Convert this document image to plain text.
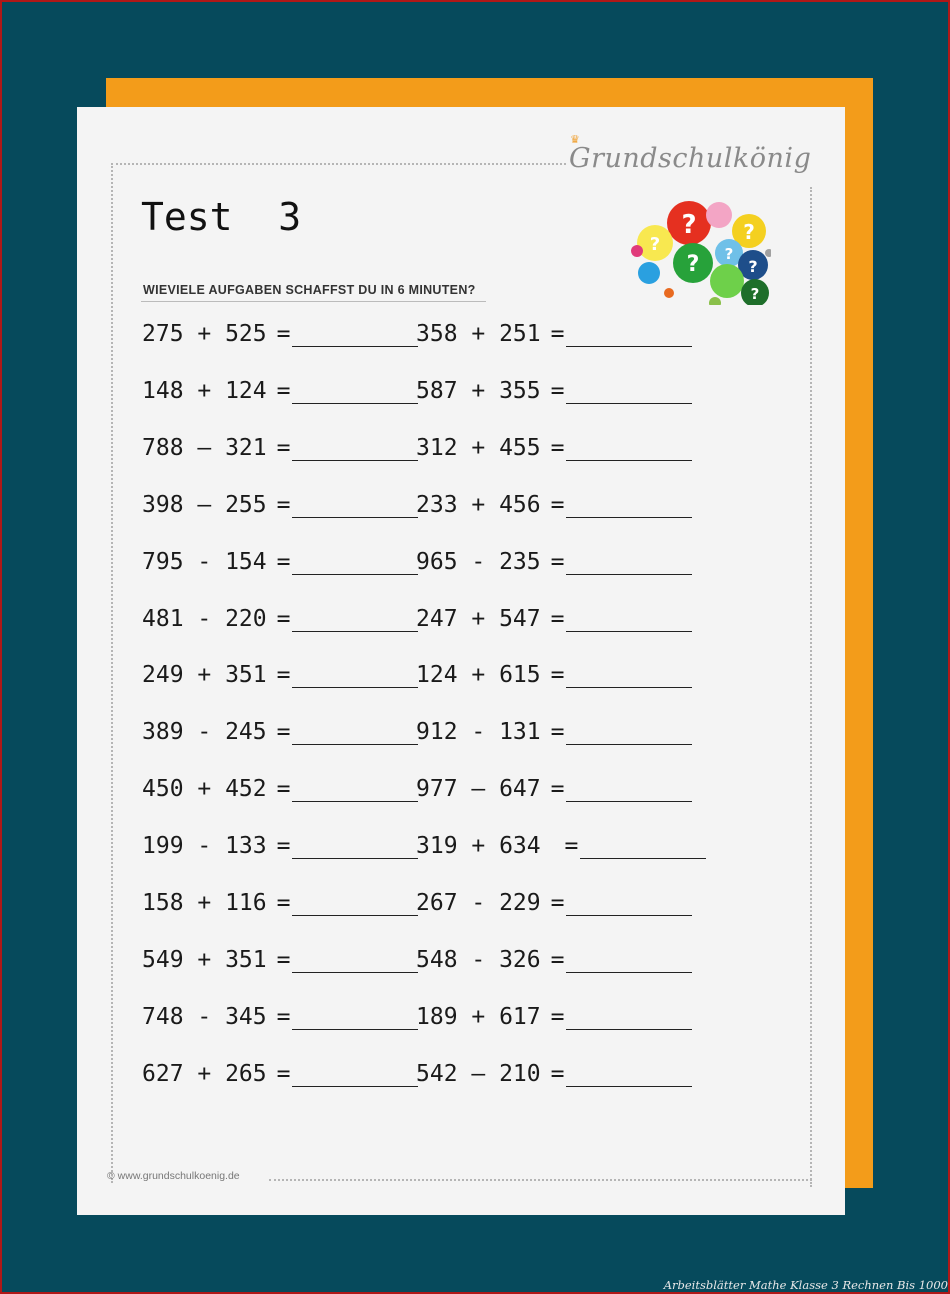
♛
Grundschulkönig
Test  3
WIEVIELE AUFGABEN SCHAFFST DU IN 6 MINUTEN?
? ?
?	?
?
?	?
275 + 525 =
148 + 124 =
788 – 321 =
398 – 255 =
795 - 154 =
481 - 220 =
249 + 351 =
389 - 245 =
450 + 452 =
199 - 133 =
158 + 116 =
549 + 351 =
748 - 345 =
627 + 265 =
358 + 251 =
587 + 355 =
312 + 455 =
233 + 456 =
965 - 235 =
247 + 547 =
124 + 615 =
912 - 131 =
977 – 647 =
319 + 634 =
267 - 229 =
548 - 326 =
189 + 617 =
542 – 210 =
© www.grundschulkoenig.de
Arbeitsblätter Mathe Klasse 3 Rechnen Bis 1000
